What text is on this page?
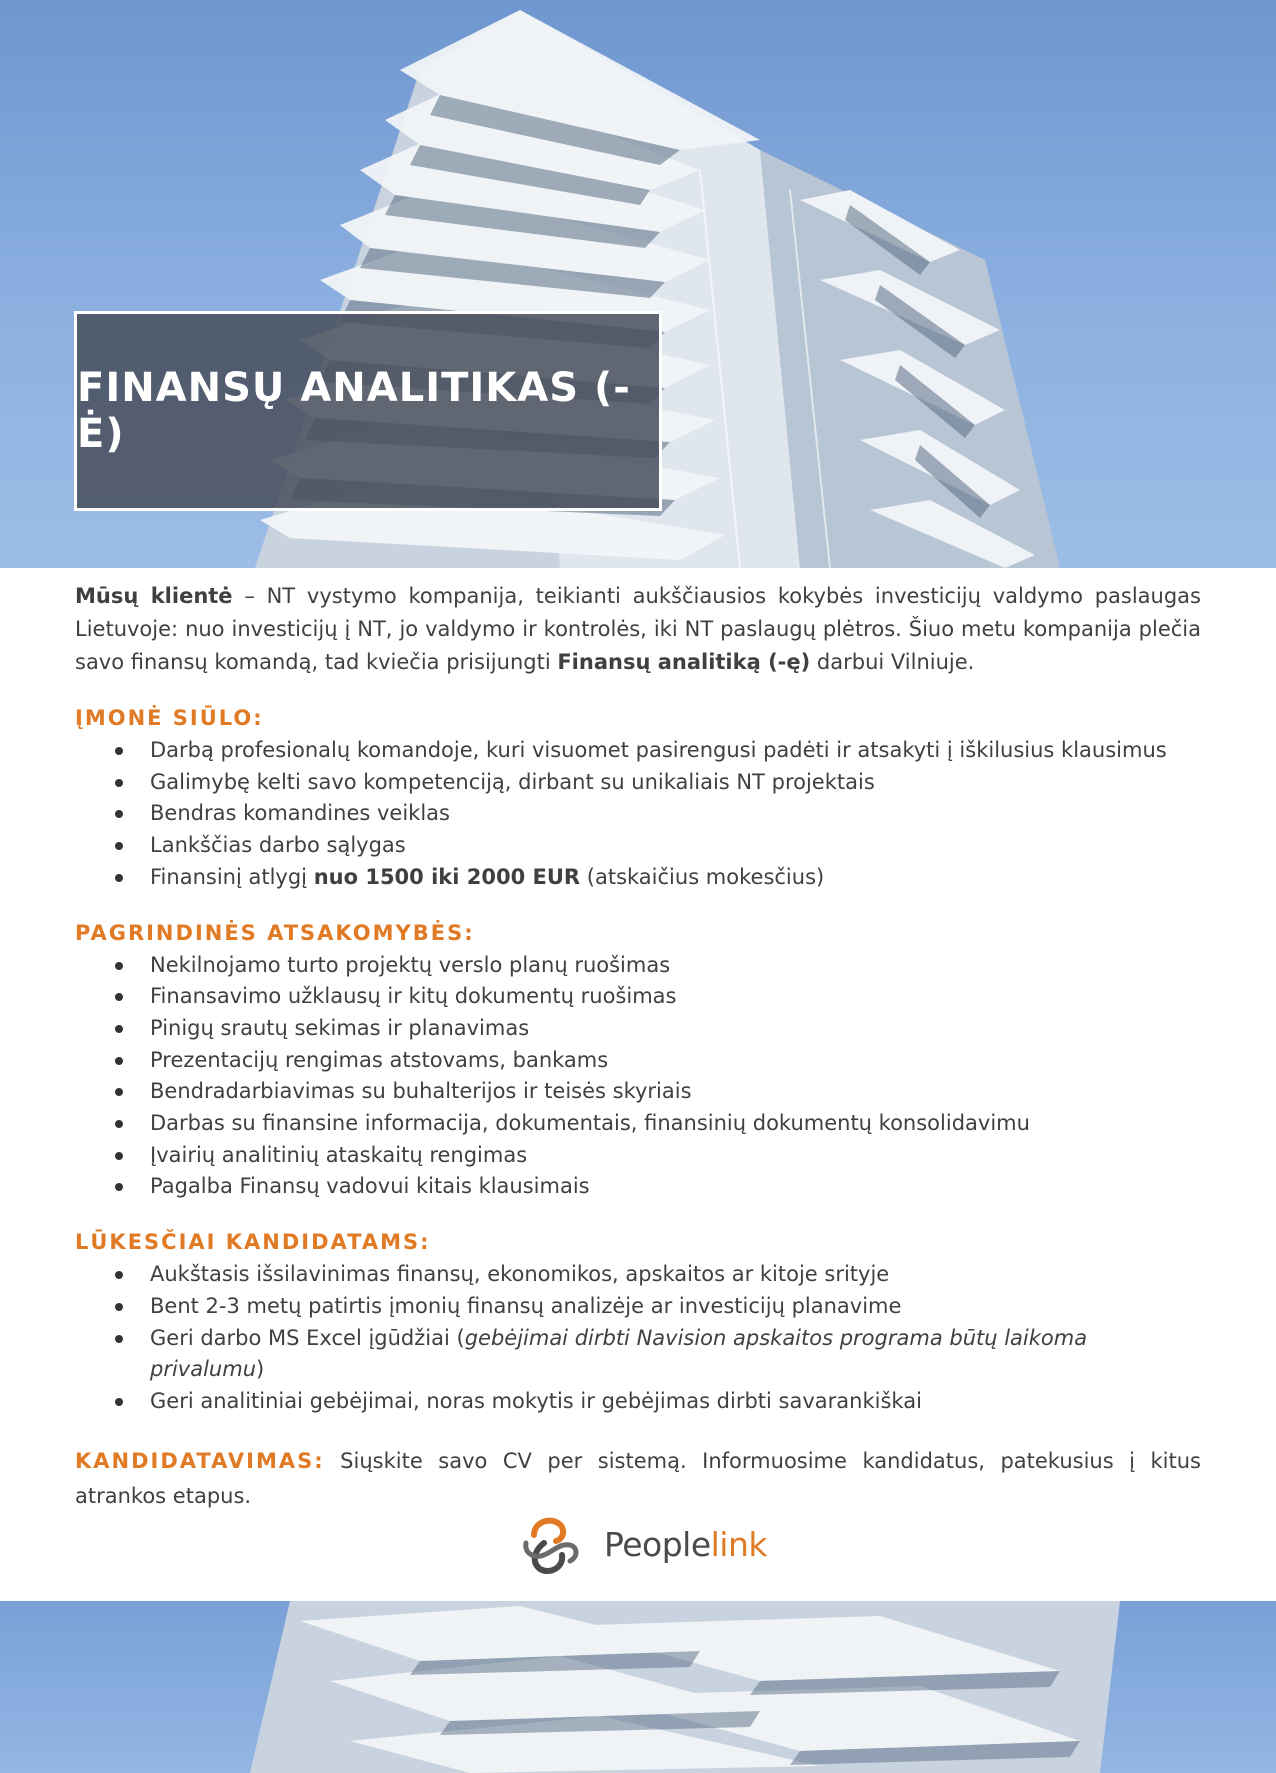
FINANSŲ ANALITIKAS (-Ė)

Mūsų klientė – NT vystymo kompanija, teikianti aukščiausios kokybės investicijų valdymo paslaugas Lietuvoje: nuo investicijų į NT, jo valdymo ir kontrolės, iki NT paslaugų plėtros. Šiuo metu kompanija plečia savo finansų komandą, tad kviečia prisijungti Finansų analitiką (-ę) darbui Vilniuje.

ĮMONĖ SIŪLO:
Darbą profesionalų komandoje, kuri visuomet pasirengusi padėti ir atsakyti į iškilusius klausimus
Galimybę kelti savo kompetenciją, dirbant su unikaliais NT projektais
Bendras komandines veiklas
Lankščias darbo sąlygas
Finansinį atlygį nuo 1500 iki 2000 EUR (atskaičius mokesčius)
PAGRINDINĖS ATSAKOMYBĖS:
Nekilnojamo turto projektų verslo planų ruošimas
Finansavimo užklausų ir kitų dokumentų ruošimas
Pinigų srautų sekimas ir planavimas
Prezentacijų rengimas atstovams, bankams
Bendradarbiavimas su buhalterijos ir teisės skyriais
Darbas su finansine informacija, dokumentais, finansinių dokumentų konsolidavimu
Įvairių analitinių ataskaitų rengimas
Pagalba Finansų vadovui kitais klausimais
LŪKESČIAI KANDIDATAMS:
Aukštasis išsilavinimas finansų, ekonomikos, apskaitos ar kitoje srityje
Bent 2-3 metų patirtis įmonių finansų analizėje ar investicijų planavime
Geri darbo MS Excel įgūdžiai (gebėjimai dirbti Navision apskaitos programa būtų laikoma privalumu)
Geri analitiniai gebėjimai, noras mokytis ir gebėjimas dirbti savarankiškai

KANDIDATAVIMAS: Siųskite savo CV per sistemą. Informuosime kandidatus, patekusius į kitus atrankos etapus.

Peoplelink
